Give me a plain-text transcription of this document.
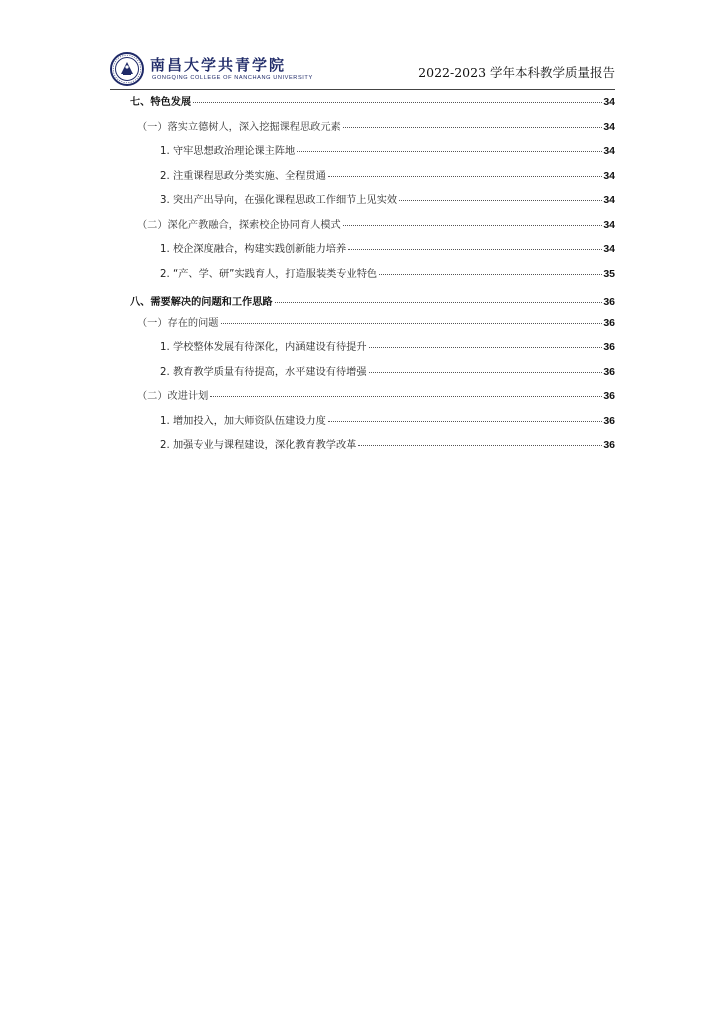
南昌大学共青学院
GONGQING COLLEGE OF NANCHANG UNIVERSITY	2022-2023 学年本科教学质量报告
七、特色发展	34
（一）落实立德树人，深入挖掘课程思政元素	34
1. 守牢思想政治理论课主阵地	34
2. 注重课程思政分类实施、全程贯通	34
3. 突出产出导向，在强化课程思政工作细节上见实效	34
（二）深化产教融合，探索校企协同育人模式	34
1. 校企深度融合，构建实践创新能力培养	34
2. “产、学、研”实践育人，打造服装类专业特色	35
八、需要解决的问题和工作思路	36
（一）存在的问题	36
1. 学校整体发展有待深化，内涵建设有待提升	36
2. 教育教学质量有待提高，水平建设有待增强	36
（二）改进计划	36
1. 增加投入，加大师资队伍建设力度	36
2. 加强专业与课程建设，深化教育教学改革	36
